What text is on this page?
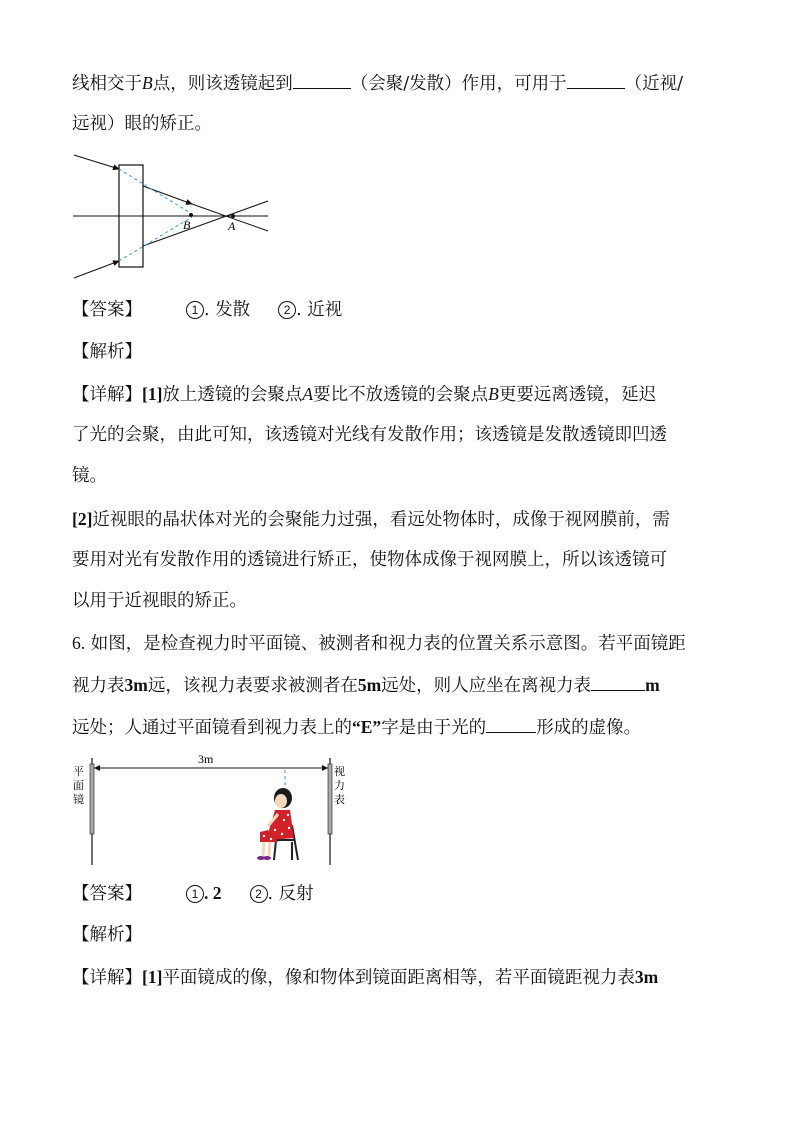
线相交于B点，则该透镜起到	（会聚/发散）作用，可用于	（近视/
远视）眼的矫正。
B	A
【答案】	1 . 发散	2 . 近视
【解析】
【详解】[1]放上透镜的会聚点A要比不放透镜的会聚点B更要远离透镜，延迟
了光的会聚，由此可知，该透镜对光线有发散作用；该透镜是发散透镜即凹透
镜。
[2]近视眼的晶状体对光的会聚能力过强，看远处物体时，成像于视网膜前，需
要用对光有发散作用的透镜进行矫正，使物体成像于视网膜上，所以该透镜可
以用于近视眼的矫正。
6. 如图，是检查视力时平面镜、被测者和视力表的位置关系示意图。若平面镜距
视力表3m远，该视力表要求被测者在5m远处，则人应坐在离视力表	m
远处；人通过平面镜看到视力表上的“E”字是由于光的	形成的虚像。
3m
平
面
镜
视
力
表
【答案】	1 . 2	2 . 反射
【解析】
【详解】[1]平面镜成的像，像和物体到镜面距离相等，若平面镜距视力表3m
